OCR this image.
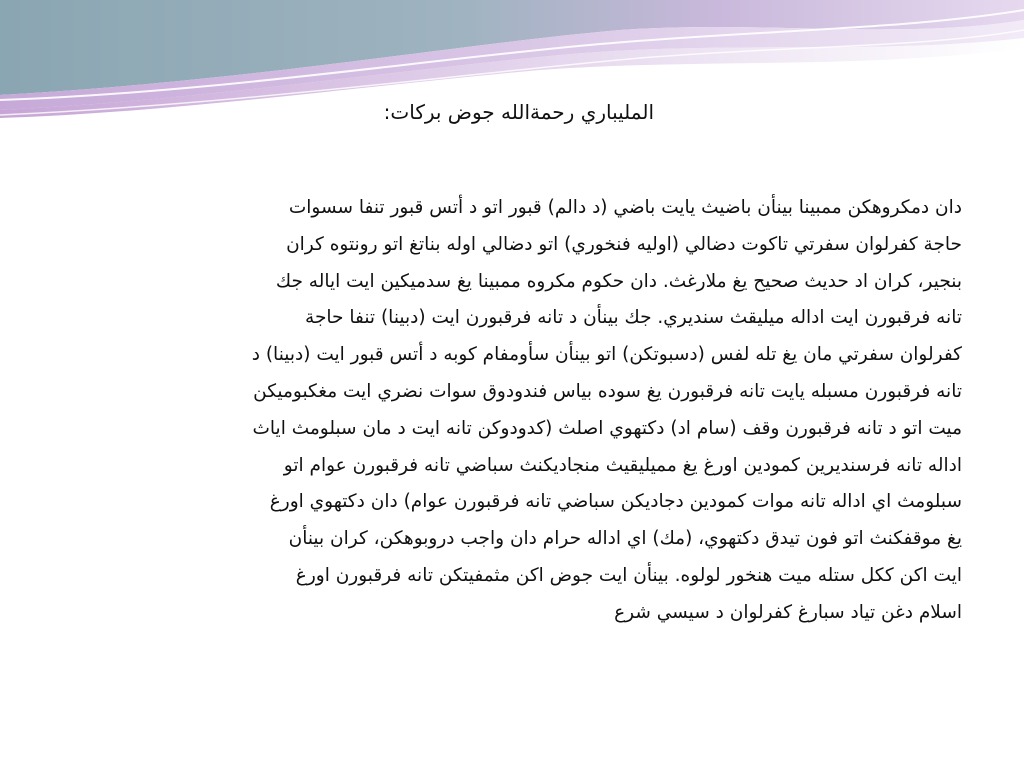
المليباري رحمةالله جوض بركات:
دان دمكروهكن ممبينا بينأن باضيث يايت باضي (د دالم) قبور اتو د أتس قبور تنفا سسوات
حاجة كفرلوان سفرتي تاكوت دضالي (اوليه فنخوري) اتو دضالي اوله بناتغ اتو رونتوه كران
بنجير، كران اد حديث صحيح يغ ملارغث. دان حكوم مكروه ممبينا يغ سدميكين ايت اياله جك
تانه فرقبورن ايت اداله ميليقث سنديري. جك بينأن د تانه فرقبورن ايت (دبينا) تنفا حاجة
كفرلوان سفرتي مان يغ تله لفس (دسبوتكن) اتو بينأن سأومفام كوبه د أتس قبور ايت (دبينا) د
تانه فرقبورن مسبله يايت تانه فرقبورن يغ سوده بياس فندودوق سوات نضري ايت مغكبوميكن
ميت اتو د تانه فرقبورن وقف (سام اد) دكتهوي اصلث (كدودوكن تانه ايت د مان سبلومث اياث
اداله تانه فرسنديرين كمودين اورغ يغ مميليقيث منجاديكنث سباضي تانه فرقبورن عوام اتو
سبلومث اي اداله تانه موات كمودين دجاديكن سباضي تانه فرقبورن عوام) دان دكتهوي اورغ
يغ موقفكنث اتو فون تيدق دكتهوي، (مك) اي اداله حرام دان واجب دروبوهكن، كران بينأن
ايت اكن ككل ستله ميت هنخور لولوه. بينأن ايت جوض اكن مثمفيتكن تانه فرقبورن اورغ
اسلام دغن تياد سبارغ كفرلوان د سيسي شرع
